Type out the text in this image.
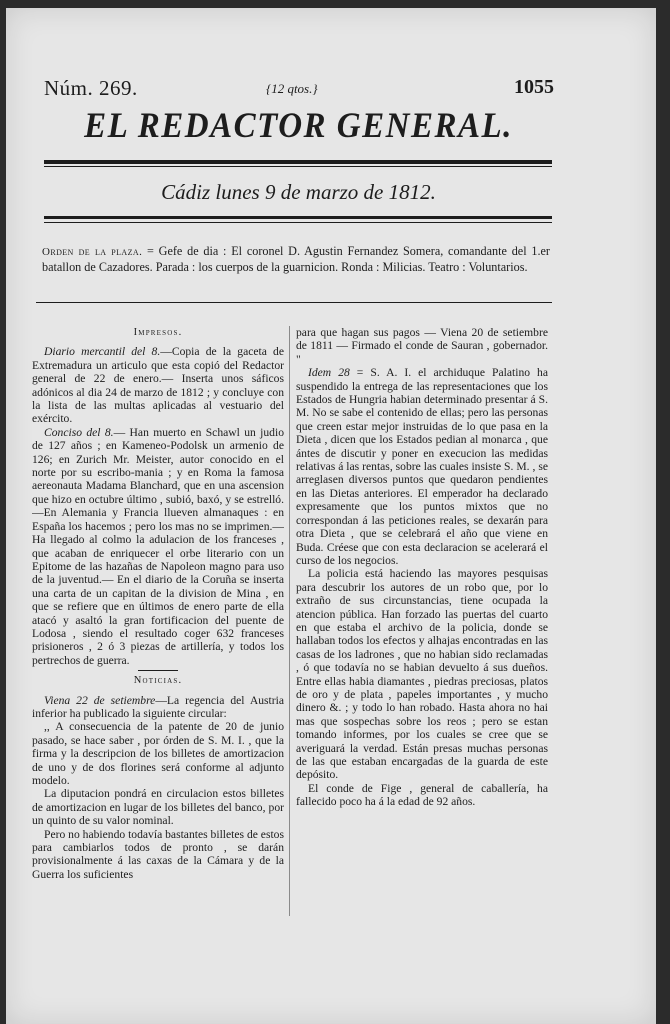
Núm. 269.	{12 qtos.}	1055
EL REDACTOR GENERAL.
Cádiz lunes 9 de marzo de 1812.
Orden de la plaza. = Gefe de dia : El coronel D. Agustin Fernandez Somera, comandante del 1.er batallon de Cazadores. Parada : los cuerpos de la guarnicion. Ronda : Milicias. Teatro : Voluntarios.
Impresos.

Diario mercantil del 8.—Copia de la gaceta de Extremadura un articulo que esta copió del Redactor general de 22 de enero.— Inserta unos sáficos adónicos al dia 24 de marzo de 1812 ; y concluye con la lista de las multas aplicadas al vestuario del exército.

Conciso del 8.— Han muerto en Schawl un judio de 127 años ; en Kameneo-Podolsk un armenio de 126; en Zurich Mr. Meister, autor conocido en el norte por su escribo-mania ; y en Roma la famosa aereonauta Madama Blanchard, que en una ascension que hizo en octubre último , subió, baxó, y se estrelló.—En Alemania y Francia llueven almanaques : en España los hacemos ; pero los mas no se imprimen.—Ha llegado al colmo la adulacion de los franceses , que acaban de enriquecer el orbe literario con un Epitome de las hazañas de Napoleon magno para uso de la juventud.— En el diario de la Coruña se inserta una carta de un capitan de la division de Mina , en que se refiere que en últimos de enero parte de ella atacó y asaltó la gran fortificacion del puente de Lodosa , siendo el resultado coger 632 franceses prisioneros , 2 ó 3 piezas de artillería, y todos los pertrechos de guerra.

Noticias.

Viena 22 de setiembre—La regencia del Austria inferior ha publicado la siguiente circular:

,, A consecuencia de la patente de 20 de junio pasado, se hace saber , por órden de S. M. I. , que la firma y la descripcion de los billetes de amortizacion de uno y de dos florines será conforme al adjunto modelo.

La diputacion pondrá en circulacion estos billetes de amortizacion en lugar de los billetes del banco, por un quinto de su valor nominal.

Pero no habiendo todavía bastantes billetes de estos para cambiarlos todos de pronto , se darán provisionalmente á las caxas de la Cámara y de la Guerra los suficientes

para que hagan sus pagos — Viena 20 de setiembre de 1811 — Firmado el conde de Sauran , gobernador. "

Idem 28 = S. A. I. el archiduque Palatino ha suspendido la entrega de las representaciones que los Estados de Hungria habian determinado presentar á S. M. No se sabe el contenido de ellas; pero las personas que creen estar mejor instruidas de lo que pasa en la Dieta , dicen que los Estados pedian al monarca , que ántes de discutir y poner en execucion las medidas relativas á las rentas, sobre las cuales insiste S. M. , se arreglasen diversos puntos que quedaron pendientes en las Dietas anteriores. El emperador ha declarado expresamente que los puntos mixtos que no correspondan á las peticiones reales, se dexarán para otra Dieta , que se celebrará el año que viene en Buda. Créese que con esta declaracion se acelerará el curso de los negocios.

La policia está haciendo las mayores pesquisas para descubrir los autores de un robo que, por lo extraño de sus circunstancias, tiene ocupada la atencion pública. Han forzado las puertas del cuarto en que estaba el archivo de la policia, donde se hallaban todos los efectos y alhajas encontradas en las casas de los ladrones , que no habian sido reclamadas , ó que todavía no se habian devuelto á sus dueños. Entre ellas habia diamantes , piedras preciosas, platos de oro y de plata , papeles importantes , y mucho dinero &. ; y todo lo han robado. Hasta ahora no hai mas que sospechas sobre los reos ; pero se estan tomando informes, por los cuales se cree que se averiguará la verdad. Están presas muchas personas de las que estaban encargadas de la guarda de este depósito.

El conde de Fige , general de caballería, ha fallecido poco ha á la edad de 92 años.
